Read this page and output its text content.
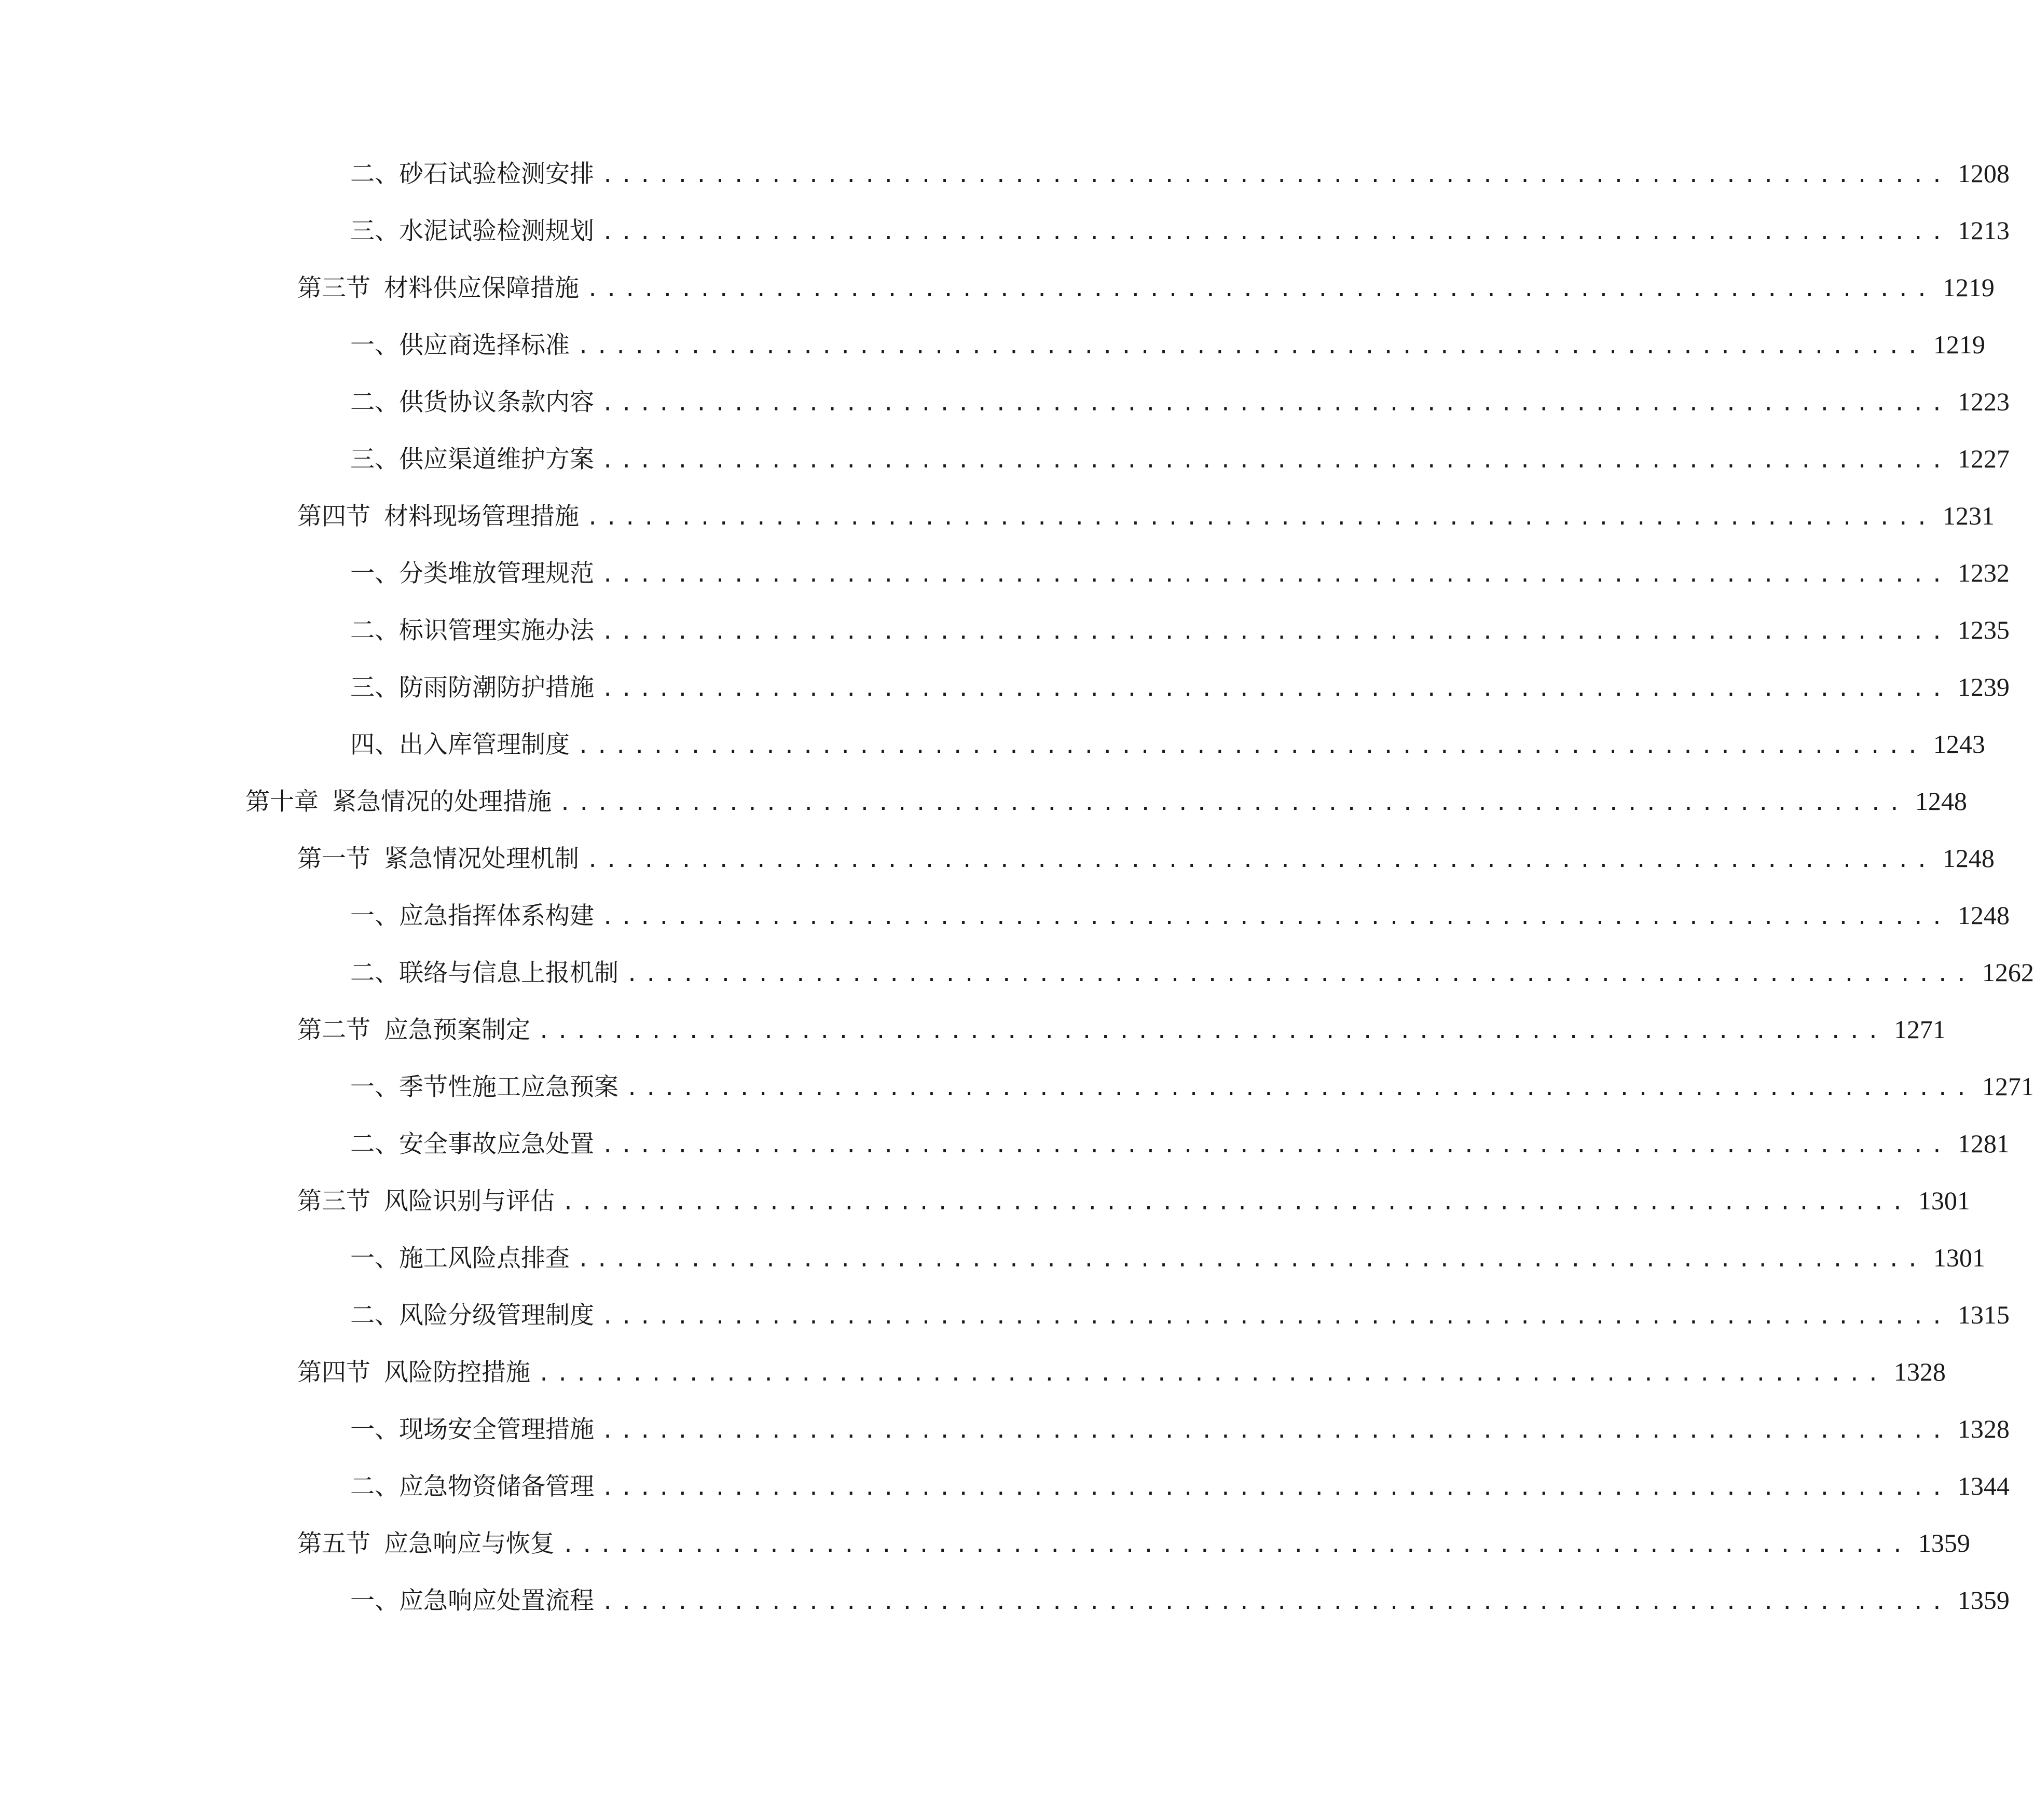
二、 砂石试验检测安排 ........................................................................ 1208
三、 水泥试验检测规划 ........................................................................ 1213
第三节 材料供应保障措施 ........................................................................ 1219
一、 供应商选择标准 ........................................................................ 1219
二、 供货协议条款内容 ........................................................................ 1223
三、 供应渠道维护方案 ........................................................................ 1227
第四节 材料现场管理措施 ........................................................................ 1231
一、 分类堆放管理规范 ........................................................................ 1232
二、 标识管理实施办法 ........................................................................ 1235
三、 防雨防潮防护措施 ........................................................................ 1239
四、 出入库管理制度 ........................................................................ 1243
第十章 紧急情况的处理措施 ........................................................................ 1248
第一节 紧急情况处理机制 ........................................................................ 1248
一、 应急指挥体系构建 ........................................................................ 1248
二、 联络与信息上报机制 ........................................................................ 1262
第二节 应急预案制定 ........................................................................ 1271
一、 季节性施工应急预案 ........................................................................ 1271
二、 安全事故应急处置 ........................................................................ 1281
第三节 风险识别与评估 ........................................................................ 1301
一、 施工风险点排查 ........................................................................ 1301
二、 风险分级管理制度 ........................................................................ 1315
第四节 风险防控措施 ........................................................................ 1328
一、 现场安全管理措施 ........................................................................ 1328
二、 应急物资储备管理 ........................................................................ 1344
第五节 应急响应与恢复 ........................................................................ 1359
一、 应急响应处置流程 ........................................................................ 1359
